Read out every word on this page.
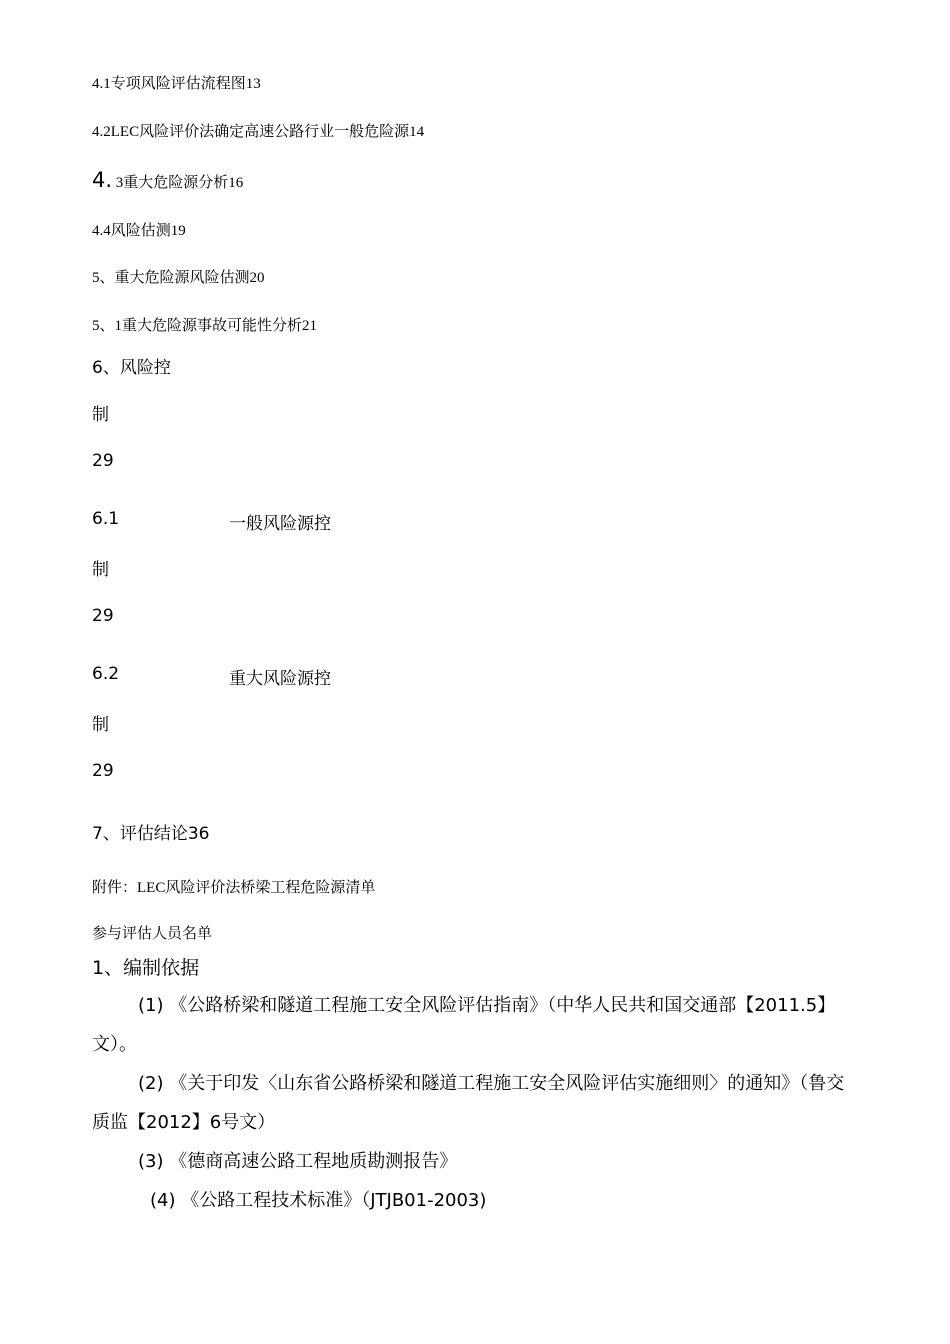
4.1专项风险评估流程图13
4.2LEC风险评价法确定高速公路行业一般危险源14
4. 3重大危险源分析16
4.4风险估测19
5、重大危险源风险估测20
5、1重大危险源事故可能性分析21
6、风险控
制
29
6.1	一般风险源控
制
29
6.2	重大风险源控
制
29
7、评估结论36
附件：LEC风险评价法桥梁工程危险源清单
参与评估人员名单
1、编制依据

(1) 《公路桥梁和隧道工程施工安全风险评估指南》（中华人民共和国交通部【2011.5】文）。

(2) 《关于印发〈山东省公路桥梁和隧道工程施工安全风险评估实施细则〉的通知》（鲁交质监【2012】6号文）

(3) 《德商高速公路工程地质勘测报告》

(4) 《公路工程技术标准》（JTJB01-2003)
